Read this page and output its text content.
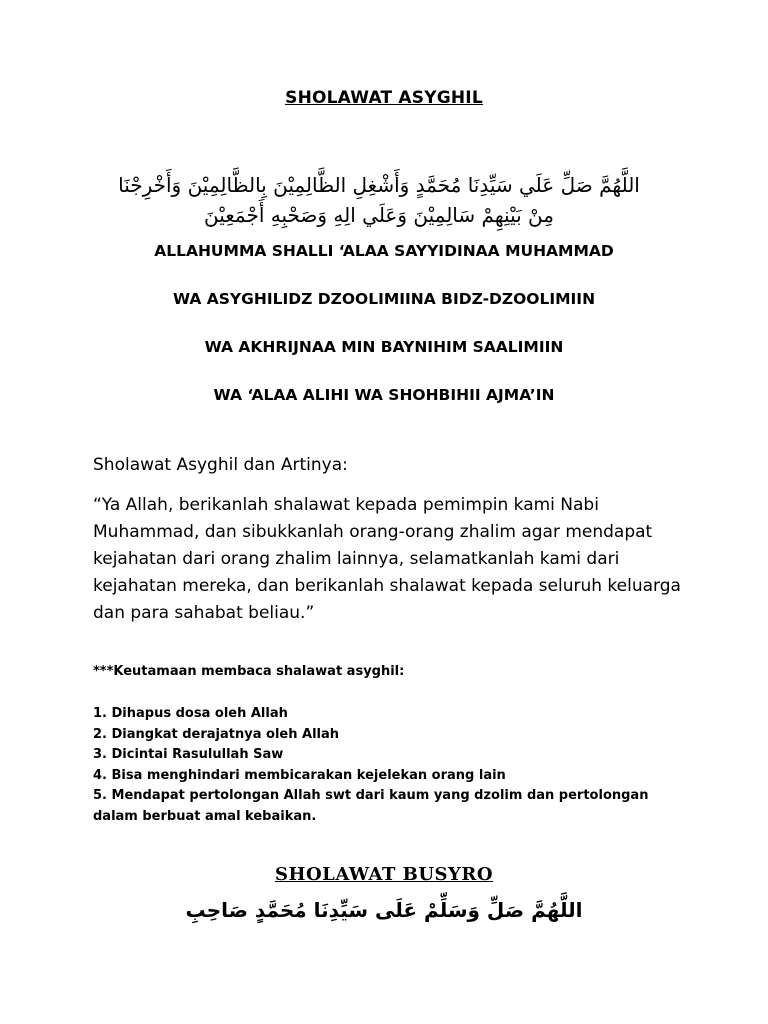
SHOLAWAT ASYGHIL
اللَّهُمَّ صَلِّ عَلَي سَيِّدِنَا مُحَمَّدٍ وَأَشْغِلِ الظَّالِمِيْنَ بِالظَّالِمِيْنَ وَأَخْرِجْنَا
مِنْ بَيْنِهِمْ سَالِمِيْنَ وَعَلَي الِهِ وَصَحْبِهِ أَجْمَعِيْنَ
ALLAHUMMA SHALLI ‘ALAA SAYYIDINAA MUHAMMAD
WA ASYGHILIDZ DZOOLIMIINA BIDZ-DZOOLIMIIN
WA AKHRIJNAA MIN BAYNIHIM SAALIMIIN
WA ‘ALAA ALIHI WA SHOHBIHII AJMA’IN
Sholawat Asyghil dan Artinya:
“Ya Allah, berikanlah shalawat kepada pemimpin kami Nabi Muhammad, dan sibukkanlah orang-orang zhalim agar mendapat kejahatan dari orang zhalim lainnya, selamatkanlah kami dari kejahatan mereka, dan berikanlah shalawat kepada seluruh keluarga dan para sahabat beliau.”
***Keutamaan membaca shalawat asyghil:
1. Dihapus dosa oleh Allah
2. Diangkat derajatnya oleh Allah
3. Dicintai Rasulullah Saw
4. Bisa menghindari membicarakan kejelekan orang lain
5. Mendapat pertolongan Allah swt dari kaum yang dzolim dan pertolongan dalam berbuat amal kebaikan.
SHOLAWAT BUSYRO
اللَّهُمَّ صَلِّ وَسَلِّمْ عَلَى سَيِّدِنَا مُحَمَّدٍ صَاحِبِ
